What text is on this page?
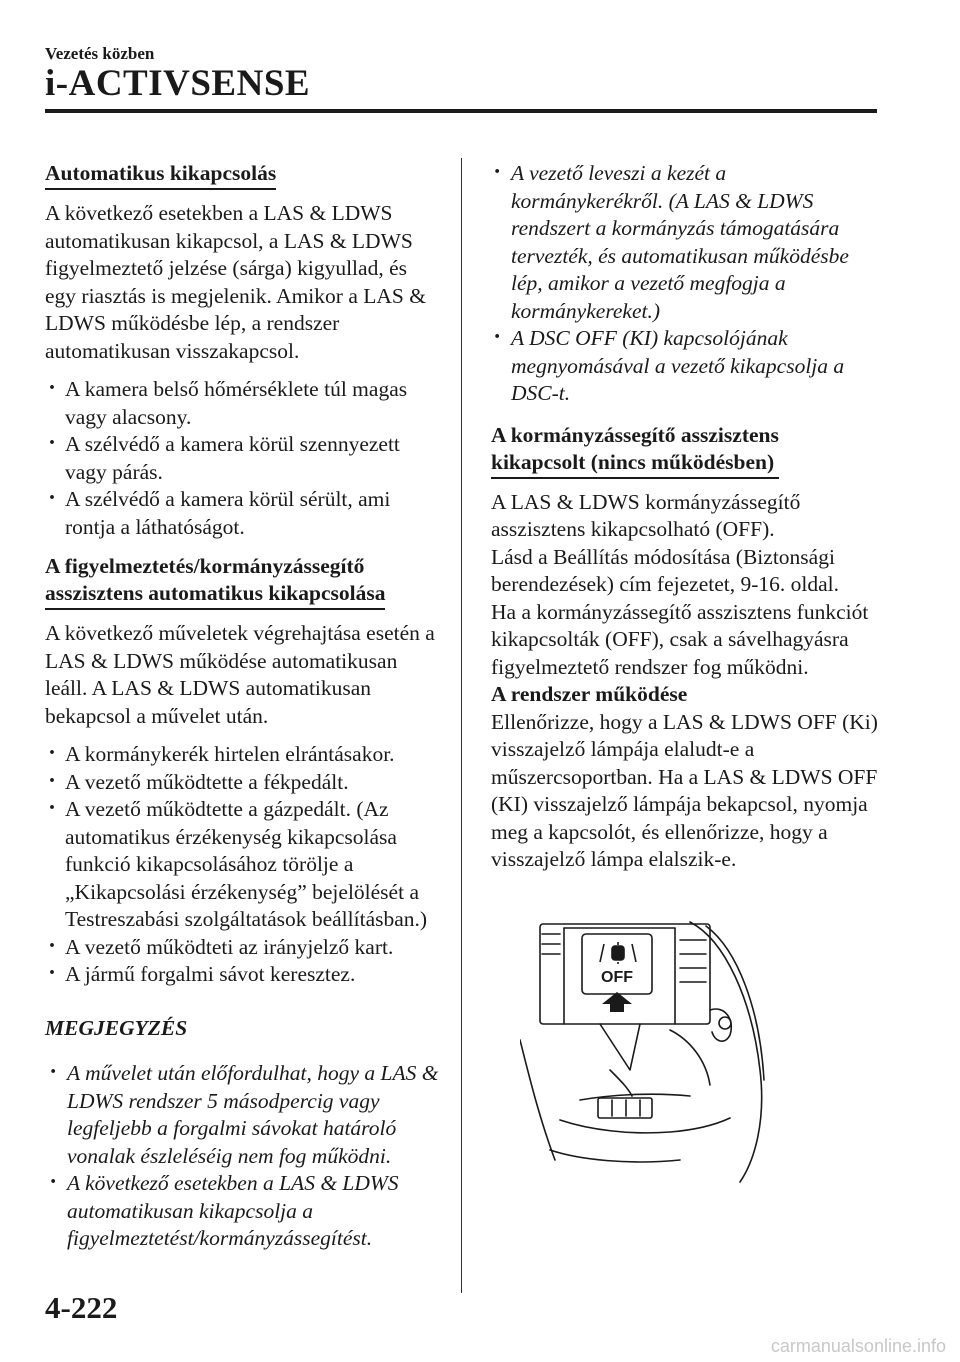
Vezetés közben
i-ACTIVSENSE
Automatikus kikapcsolás

A következő esetekben a LAS & LDWS automatikusan kikapcsol, a LAS & LDWS figyelmeztető jelzése (sárga) kigyullad, és egy riasztás is megjelenik. Amikor a LAS & LDWS működésbe lép, a rendszer automatikusan visszakapcsol.

· A kamera belső hőmérséklete túl magas vagy alacsony.
· A szélvédő a kamera körül szennyezett vagy párás.
· A szélvédő a kamera körül sérült, ami rontja a láthatóságot.
A figyelmeztetés/kormányzássegítő
asszisztens automatikus kikapcsolása

A következő műveletek végrehajtása esetén a LAS & LDWS működése automatikusan leáll. A LAS & LDWS automatikusan bekapcsol a művelet után.

· A kormánykerék hirtelen elrántásakor.
· A vezető működtette a fékpedált.
· A vezető működtette a gázpedált. (Az automatikus érzékenység kikapcsolása funkció kikapcsolásához törölje a „Kikapcsolási érzékenység” bejelölését a Testreszabási szolgáltatások beállításban.)
· A vezető működteti az irányjelző kart.
· A jármű forgalmi sávot keresztez.
MEGJEGYZÉS
· A művelet után előfordulhat, hogy a LAS & LDWS rendszer 5 másodpercig vagy legfeljebb a forgalmi sávokat határoló vonalak észleléséig nem fog működni.
· A következő esetekben a LAS & LDWS automatikusan kikapcsolja a figyelmeztetést/kormányzássegítést.
· A vezető leveszi a kezét a kormánykerékről. (A LAS & LDWS rendszert a kormányzás támogatására tervezték, és automatikusan működésbe lép, amikor a vezető megfogja a kormánykereket.)
· A DSC OFF (KI) kapcsolójának megnyomásával a vezető kikapcsolja a DSC-t.
A kormányzássegítő asszisztens
kikapcsolt (nincs működésben)

A LAS & LDWS kormányzássegítő asszisztens kikapcsolható (OFF).

Lásd a Beállítás módosítása (Biztonsági berendezések) cím fejezetet, 9-16. oldal.

Ha a kormányzássegítő asszisztens funkciót kikapcsolták (OFF), csak a sávelhagyásra figyelmeztető rendszer fog működni.

A rendszer működése

Ellenőrizze, hogy a LAS & LDWS OFF (Ki) visszajelző lámpája elaludt-e a műszercsoportban. Ha a LAS & LDWS OFF (KI) visszajelző lámpája bekapcsol, nyomja meg a kapcsolót, és ellenőrizze, hogy a visszajelző lámpa elalszik-e.

OFF
4-222
carmanualsonline.info
